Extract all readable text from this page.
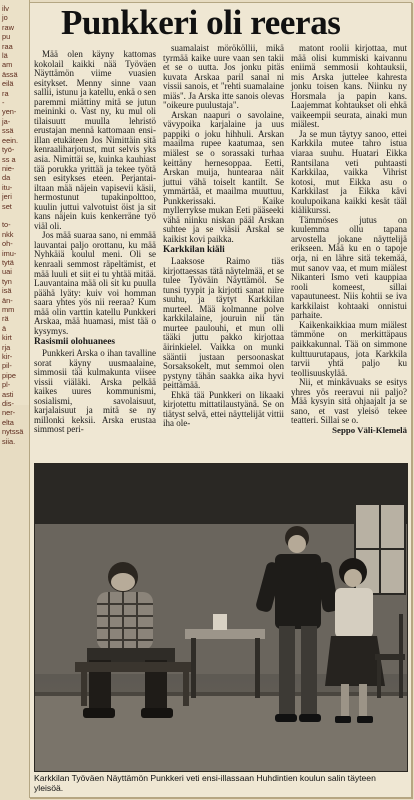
ilv
jo
raw
pu
raa
lä
am
ässä
eilä
ra
-
yen-
ja-
ssä
eein.
työ-
ss a
nie-
da
itu-
jeri
set

to-
nkk
oh-
imu-
tytä
uai
tyn
isä
än-
mm
rä
ä
kirt
rja
kir-
pil-
pipe
pl-
asti
dis-
ner-
elta
nytssä
siia.
Punkkeri oli reeras

Mää olen käyny kattomas kokolail kaikki nää Työväen Näyttämön viime vuasien esitykset. Menny sinne vaan sallii, istunu ja katellu, enkä o sen paremmi miättiny mitä se jutun meininki o. Vast ny, ku mul oli tilaisuutt muulla lehristö erustajan mennä kattomaan ensi-illan etukäteen Jos Nimittäin sitä kenraaliharjotust, mut selvis yks asia. Nimittäi se, kuinka kauhiast tää porukka yrittää ja tekee työtä sen esitykses eteen. Perjantai-iltaan mää näjein vapisevii käsii, hermostunut tupakinpolttoo, kuulin juttui valvotuist öist ja sit kans näjein kuis kenkerräne työ viäl oli.

Jos mää suaraa sano, ni emmää lauvantai paljo orottanu, ku mää Nyhkäiä koulul meni. Oli se kenraali semmost räpeltämist, et mää luuli et siit ei tu yhtää mitää. Lauvantaina mää oli sit ku puulla päähä lyäty: kuiv voi homman saara yhtes yös nii reeraa? Kum mää olin varttin katellu Punkkeri Arskaa, mää huamasi, mist tää o kysymys.

Rasismii olohuanees

Punkkeri Arska o ihan tavalline sorat käyny uusmaalaine, simmosii tää kulmakunta viisee vissii viäläki. Arska pelkää kaikes uures kommunismi, sosialismi, savolaisuut, karjalaisuut ja mitä se ny millonki keksii. Arska erustaa simmost peri-

suamalaist mörököllii, mikä tyrmää kaike uure vaan sen takii et se o uutta. Jos jonku pitäs kuvata Arskaa paril sanal ni vissii sanois, et "rehti suamalaine miäs". Ja Arska itte sanois olevas "oikeure puulustaja".

Arskan naapuri o savolaine, vävypoika karjalaine ja uus pappiki o joku hihhuli. Arskan maailma rupee kaatumaa, sen miälest se o sorassaki turhaa keittäny hernesoppaa. Eetti, Arskan muija, huntearaa näit juttui vähä toiselt kantilt. Se ymmärtää, et maailma muuttuu, Punkkerissaki. Kaike myllerrykse mukan Eeti pääseeki vähä niinku niskan pääl Arskan suhtee ja se viäsii Arskal se kaikist kovi paikka.

Karkkilan kiäli

Laaksose Raimo tiäs kirjottaessas tätä näytelmää, et se tulee Työväin Näyttämöl. Se tunsi tyypit ja kirjotti sanat niire suuhu, ja täytyt Karkkilan murteel. Mää kolmanne polve karkkilalaine, jouruin nii tän murtee paulouhi, et mun olli tääki juttu pakko kirjottaa äirinkielel. Vaikka on munki sääntii justaan persoonaskat Sorsaksokelt, mut semmoi olen pystyny tähän saakka aika hyvi peittämää.

Ehkä tää Punkkeri on likaaki kirjotettu mittatilaustyänä. Se on tiätyst selvä, ettei näyttelijät vittii iha ole-

matont roolii kirjottaa, mut mää olisi kummiski kaivannu eniimä semmosii kohtauksii, mis Arska juttelee kahresta jonku toisen kans. Niinku ny Horsmala ja papin kans. Laajemmat kohtaukset oli ehkä vaikeempii seurata, ainaki mun miälest.

Ja se mun täytyy sanoo, ettei Karkkila mutee tahro istua viaraa suuhu. Huatari Eikka Rantsilana veti puhtaasti Karkkilaa, vaikka Vihrist kotosi, mut Eikka asu o Karkkilast ja Eikka kävi koulupoikana kaikki kesät tääl kiälikurssi.

Tämmöses jutus on kuulemma ollu tapana arvostella jokane näyttelijä erikseen. Mää ku en o tapoje orja, ni en lähre sitä tekemää, mut sanov vaa, et mum miälest Nikanteri Ismo veti kauppiaa rooli komeest, sillai vapautuneest. Niis kohtii se iva karkkilaist kohtaaki onnistui parhaite.

Kaikenkaikkiaa mum miälest tämmöne on merkittäpaus paikkakunnal. Tää on simmone kulttuurutapaus, jota Karkkila tarvii yhtä paljo ku teollisuuskylää.

Nii, et minkävuaks se esitys yhres yös reeravui nii paljo? Mää kysyin sitä ohjaajalt ja se sano, et vast yleisö tekee teatteri. Sillai se o.

Seppo Väli-Klemelä

Karkkilan Työväen Näyttämön Punkkeri veti ensi-illassaan Huhdintien koulun salin täyteen yleisöä.
